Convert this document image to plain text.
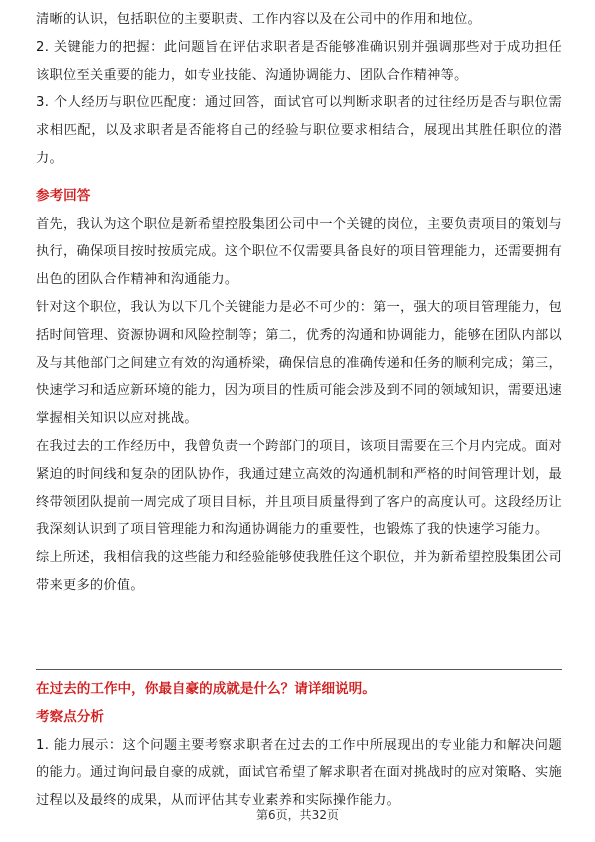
清晰的认识，包括职位的主要职责、工作内容以及在公司中的作用和地位。

2. 关键能力的把握：此问题旨在评估求职者是否能够准确识别并强调那些对于成功担任该职位至关重要的能力，如专业技能、沟通协调能力、团队合作精神等。

3. 个人经历与职位匹配度：通过回答，面试官可以判断求职者的过往经历是否与职位需求相匹配，以及求职者是否能将自己的经验与职位要求相结合，展现出其胜任职位的潜力。

参考回答

首先，我认为这个职位是新希望控股集团公司中一个关键的岗位，主要负责项目的策划与执行，确保项目按时按质完成。这个职位不仅需要具备良好的项目管理能力，还需要拥有出色的团队合作精神和沟通能力。

针对这个职位，我认为以下几个关键能力是必不可少的：第一，强大的项目管理能力，包括时间管理、资源协调和风险控制等；第二，优秀的沟通和协调能力，能够在团队内部以及与其他部门之间建立有效的沟通桥梁，确保信息的准确传递和任务的顺利完成；第三，快速学习和适应新环境的能力，因为项目的性质可能会涉及到不同的领域知识，需要迅速掌握相关知识以应对挑战。

在我过去的工作经历中，我曾负责一个跨部门的项目，该项目需要在三个月内完成。面对紧迫的时间线和复杂的团队协作，我通过建立高效的沟通机制和严格的时间管理计划，最终带领团队提前一周完成了项目目标，并且项目质量得到了客户的高度认可。这段经历让我深刻认识到了项目管理能力和沟通协调能力的重要性，也锻炼了我的快速学习能力。

综上所述，我相信我的这些能力和经验能够使我胜任这个职位，并为新希望控股集团公司带来更多的价值。

在过去的工作中，你最自豪的成就是什么？请详细说明。
考察点分析

1. 能力展示：这个问题主要考察求职者在过去的工作中所展现出的专业能力和解决问题的能力。通过询问最自豪的成就，面试官希望了解求职者在面对挑战时的应对策略、实施过程以及最终的成果，从而评估其专业素养和实际操作能力。

第6页，共32页
